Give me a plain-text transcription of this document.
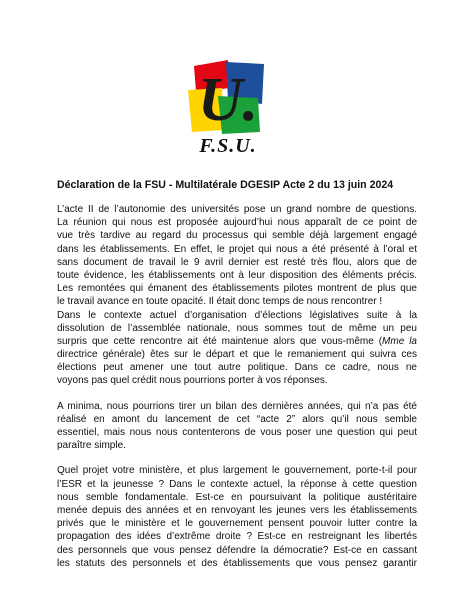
U.
F.S.U.
Déclaration de la FSU - Multilatérale DGESIP Acte 2 du 13 juin 2024
L’acte II de l’autonomie des universités pose un grand nombre de questions.
La réunion qui nous est proposée aujourd’hui nous apparaît de ce point de
vue très tardive au regard du processus qui semble déjà largement engagé
dans les établissements. En effet, le projet qui nous a été présenté à l’oral et
sans document de travail le 9 avril dernier est resté très flou, alors que de
toute évidence, les établissements ont à leur disposition des éléments précis.
Les remontées qui émanent des établissements pilotes montrent de plus que
le travail avance en toute opacité. Il était donc temps de nous rencontrer !
Dans le contexte actuel d’organisation d’élections législatives suite à la
dissolution de l’assemblée nationale, nous sommes tout de même un peu
surpris que cette rencontre ait été maintenue alors que vous-même (Mme la
directrice générale) êtes sur le départ et que le remaniement qui suivra ces
élections peut amener une tout autre politique. Dans ce cadre, nous ne
voyons pas quel crédit nous pourrions porter à vos réponses.
A minima, nous pourrions tirer un bilan des dernières années, qui n’a pas été
réalisé en amont du lancement de cet “acte 2” alors qu’il nous semble
essentiel, mais nous nous contenterons de vous poser une question qui peut
paraître simple.
Quel projet votre ministère, et plus largement le gouvernement, porte-t-il pour
l’ESR et la jeunesse ? Dans le contexte actuel, la réponse à cette question
nous semble fondamentale. Est-ce en poursuivant la politique austéritaire
menée depuis des années et en renvoyant les jeunes vers les établissements
privés que le ministère et le gouvernement pensent pouvoir lutter contre la
propagation des idées d’extrême droite ? Est-ce en restreignant les libertés
des personnels que vous pensez défendre la démocratie? Est-ce en cassant
les statuts des personnels et des établissements que vous pensez garantir
